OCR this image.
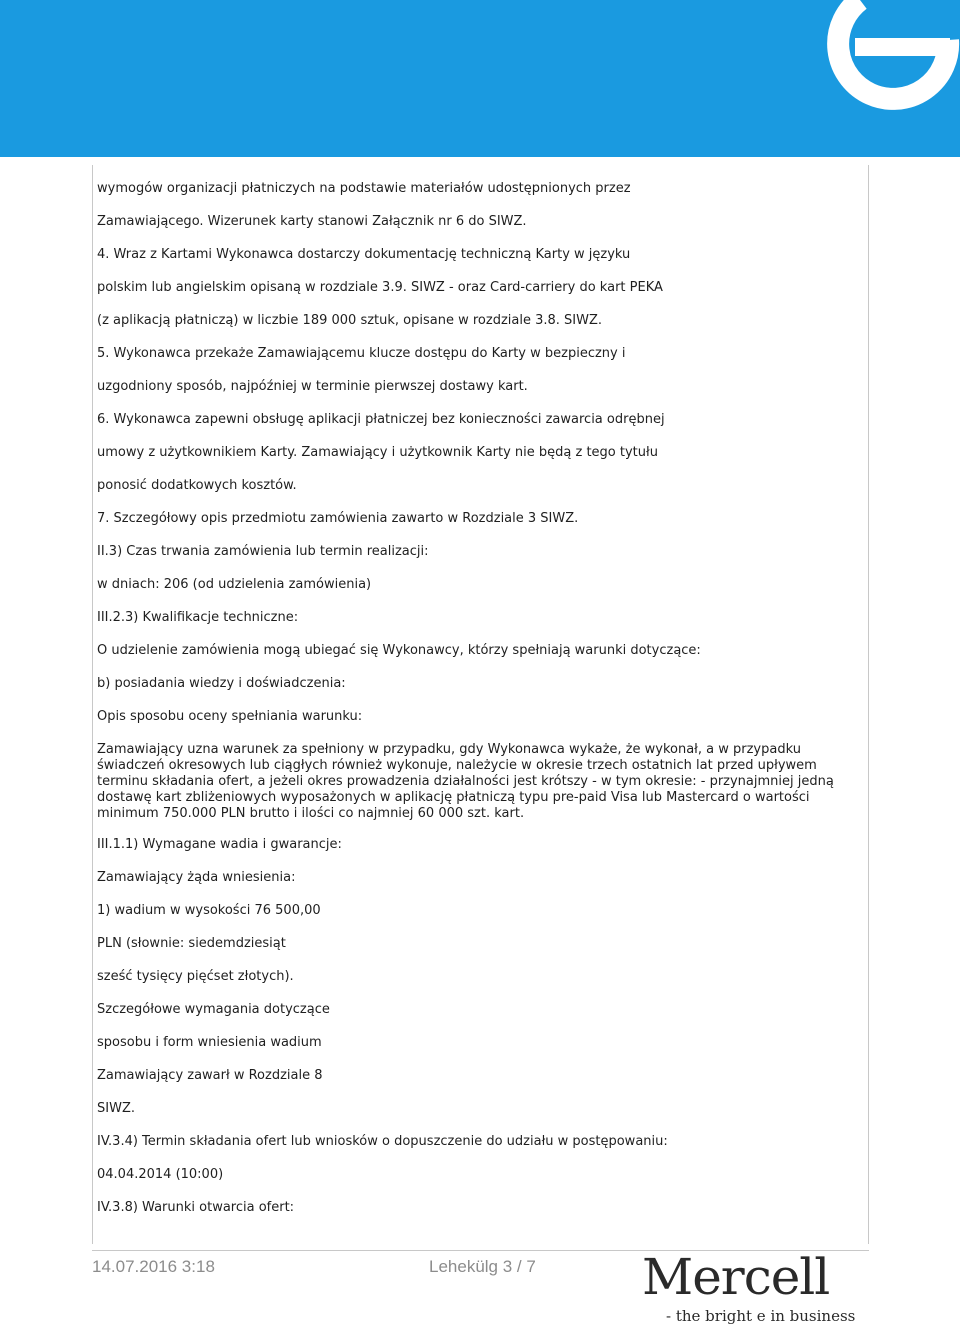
wymogów organizacji płatniczych na podstawie materiałów udostępnionych przez
Zamawiającego. Wizerunek karty stanowi Załącznik nr 6 do SIWZ.
4. Wraz z Kartami Wykonawca dostarczy dokumentację techniczną Karty w języku
polskim lub angielskim opisaną w rozdziale 3.9. SIWZ - oraz Card-carriery do kart PEKA
(z aplikacją płatniczą) w liczbie 189 000 sztuk, opisane w rozdziale 3.8. SIWZ.
5. Wykonawca przekaże Zamawiającemu klucze dostępu do Karty w bezpieczny i
uzgodniony sposób, najpóźniej w terminie pierwszej dostawy kart.
6. Wykonawca zapewni obsługę aplikacji płatniczej bez konieczności zawarcia odrębnej
umowy z użytkownikiem Karty. Zamawiający i użytkownik Karty nie będą z tego tytułu
ponosić dodatkowych kosztów.
7. Szczegółowy opis przedmiotu zamówienia zawarto w Rozdziale 3 SIWZ.
II.3) Czas trwania zamówienia lub termin realizacji:
w dniach: 206 (od udzielenia zamówienia)
III.2.3) Kwalifikacje techniczne:
O udzielenie zamówienia mogą ubiegać się Wykonawcy, którzy spełniają warunki dotyczące:
b) posiadania wiedzy i doświadczenia:
Opis sposobu oceny spełniania warunku:
Zamawiający uzna warunek za spełniony w przypadku, gdy Wykonawca wykaże, że wykonał, a w przypadku świadczeń okresowych lub ciągłych również wykonuje, należycie w okresie trzech ostatnich lat przed upływem terminu składania ofert, a jeżeli okres prowadzenia działalności jest krótszy - w tym okresie: - przynajmniej jedną dostawę kart zbliżeniowych wyposażonych w aplikację płatniczą typu pre-paid Visa lub Mastercard o wartości minimum 750.000 PLN brutto i ilości co najmniej 60 000 szt. kart.
III.1.1) Wymagane wadia i gwarancje:
Zamawiający żąda wniesienia:
1) wadium w wysokości 76 500,00
PLN (słownie: siedemdziesiąt
sześć tysięcy pięćset złotych).
Szczegółowe wymagania dotyczące
sposobu i form wniesienia wadium
Zamawiający zawarł w Rozdziale 8
SIWZ.
IV.3.4) Termin składania ofert lub wniosków o dopuszczenie do udziału w postępowaniu:
04.04.2014 (10:00)
IV.3.8) Warunki otwarcia ofert:
14.07.2016 3:18	Lehekülg 3 / 7 Mercell
- the bright e in business
